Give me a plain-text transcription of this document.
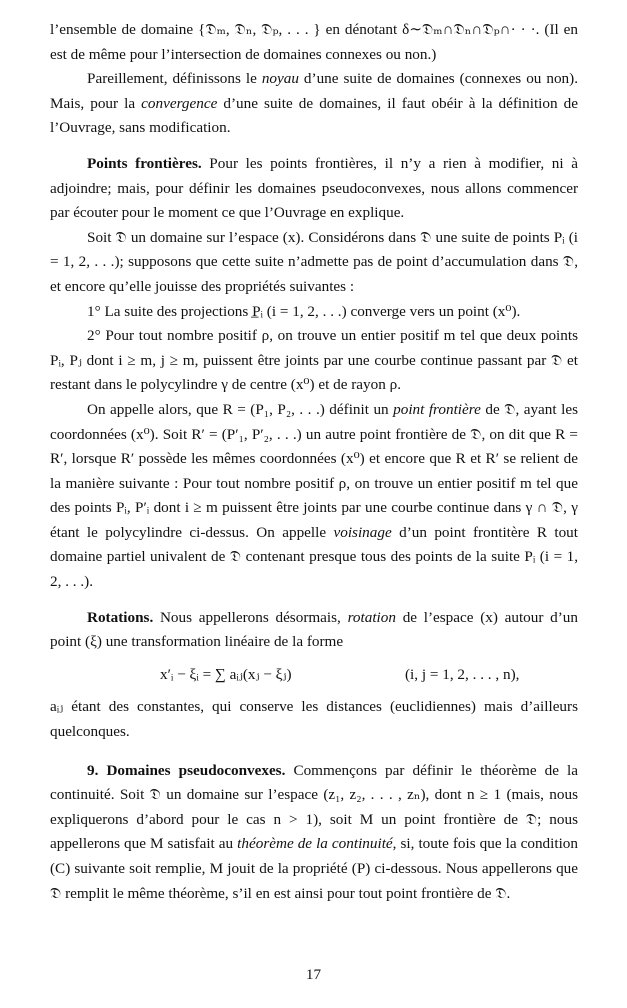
l’ensemble de domaine {𝔇ₘ, 𝔇ₙ, 𝔇ₚ, . . . } en dénotant δ∼𝔇ₘ∩𝔇ₙ∩𝔇ₚ∩· · ·. (Il en est de même pour l’intersection de domaines connexes ou non.)

Pareillement, définissons le noyau d’une suite de domaines (connexes ou non). Mais, pour la convergence d’une suite de domaines, il faut obéir à la définition de l’Ouvrage, sans modification.

Points frontières. Pour les points frontières, il n’y a rien à modifier, ni à adjoindre; mais, pour définir les domaines pseudoconvexes, nous allons commencer par écouter pour le moment ce que l’Ouvrage en explique.

Soit 𝔇 un domaine sur l’espace (x). Considérons dans 𝔇 une suite de points Pᵢ (i = 1, 2, . . .); supposons que cette suite n’admette pas de point d’accumulation dans 𝔇, et encore qu’elle jouisse des propriétés suivantes :

1° La suite des projections P̲ᵢ (i = 1, 2, . . .) converge vers un point (x⁰).

2° Pour tout nombre positif ρ, on trouve un entier positif m tel que deux points Pᵢ, Pⱼ dont i ≥ m, j ≥ m, puissent être joints par une courbe continue passant par 𝔇 et restant dans le polycylindre γ de centre (x⁰) et de rayon ρ.

On appelle alors, que R = (P₁, P₂, . . .) définit un point frontière de 𝔇, ayant les coordonnées (x⁰). Soit R′ = (P′₁, P′₂, . . .) un autre point frontière de 𝔇, on dit que R = R′, lorsque R′ possède les mêmes coordonnées (x⁰) et encore que R et R′ se relient de la manière suivante : Pour tout nombre positif ρ, on trouve un entier positif m tel que des points Pᵢ, P′ᵢ dont i ≥ m puissent être joints par une courbe continue dans γ ∩ 𝔇, γ étant le polycylindre ci-dessus. On appelle voisinage d’un point frontitère R tout domaine partiel univalent de 𝔇 contenant presque tous des points de la suite Pᵢ (i = 1, 2, . . .).

Rotations. Nous appellerons désormais, rotation de l’espace (x) autour d’un point (ξ) une transformation linéaire de la forme

x′ᵢ − ξᵢ = ∑ aᵢⱼ(xⱼ − ξⱼ)	(i, j = 1, 2, . . . , n),

aᵢⱼ étant des constantes, qui conserve les distances (euclidiennes) mais d’ailleurs quelconques.

9. Domaines pseudoconvexes. Commençons par définir le théorème de la continuité. Soit 𝔇 un domaine sur l’espace (z₁, z₂, . . . , zₙ), dont n ≥ 1 (mais, nous expliquerons d’abord pour le cas n > 1), soit M un point frontière de 𝔇; nous appellerons que M satisfait au théorème de la continuité, si, toute fois que la condition (C) suivante soit remplie, M jouit de la propriété (P) ci-dessous. Nous appellerons que 𝔇 remplit le même théorème, s’il en est ainsi pour tout point frontière de 𝔇.

17
